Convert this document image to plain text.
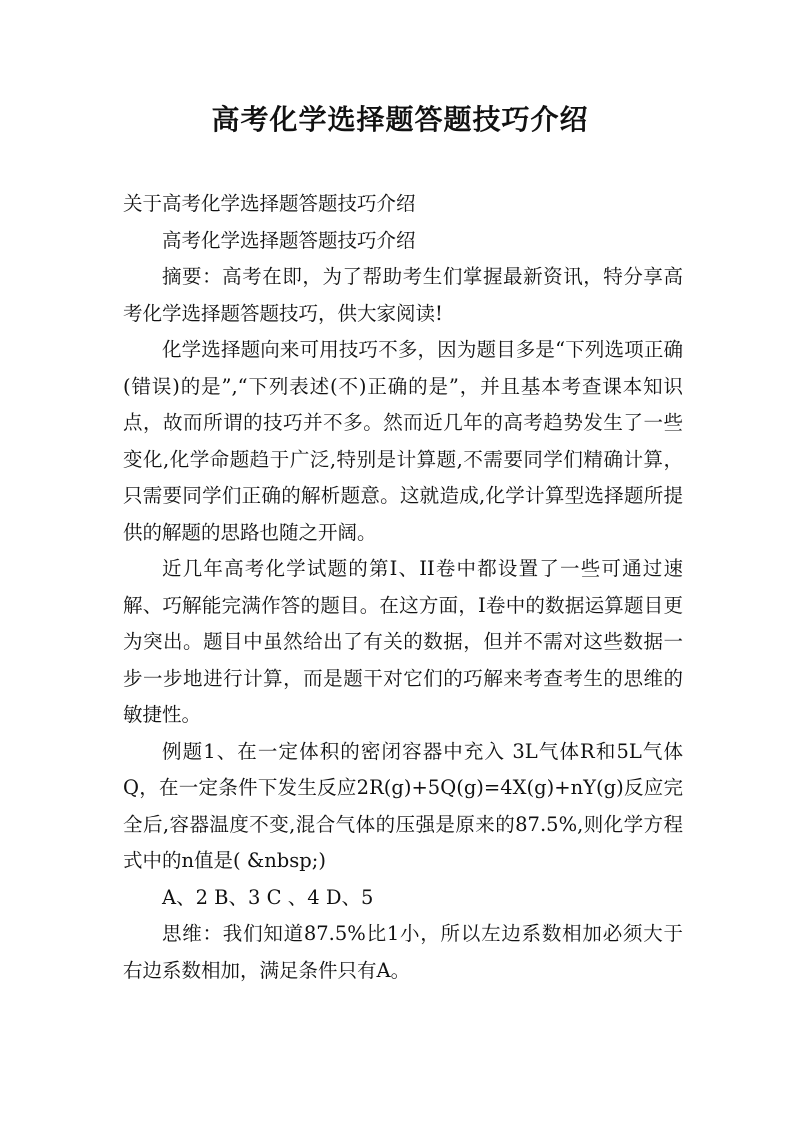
高考化学选择题答题技巧介绍

关于高考化学选择题答题技巧介绍

高考化学选择题答题技巧介绍

摘要：高考在即，为了帮助考生们掌握最新资讯，特分享高考化学选择题答题技巧，供大家阅读!

化学选择题向来可用技巧不多，因为题目多是“下列选项正确(错误)的是”,“下列表述(不)正确的是”，并且基本考查课本知识点，故而所谓的技巧并不多。然而近几年的高考趋势发生了一些变化,化学命题趋于广泛,特别是计算题,不需要同学们精确计算，只需要同学们正确的解析题意。这就造成,化学计算型选择题所提供的解题的思路也随之开阔。

近几年高考化学试题的第Ⅰ、II卷中都设置了一些可通过速解、巧解能完满作答的题目。在这方面，I卷中的数据运算题目更为突出。题目中虽然给出了有关的数据，但并不需对这些数据一步一步地进行计算，而是题干对它们的巧解来考查考生的思维的敏捷性。

例题1、在一定体积的密闭容器中充入 3L气体R和5L气体Q，在一定条件下发生反应2R(g)+5Q(g)=4X(g)+nY(g)反应完全后,容器温度不变,混合气体的压强是原来的87.5%,则化学方程式中的n值是( &nbsp;)

A、2 B、3 C 、4 D、5

思维：我们知道87.5%比1小，所以左边系数相加必须大于右边系数相加，满足条件只有A。
